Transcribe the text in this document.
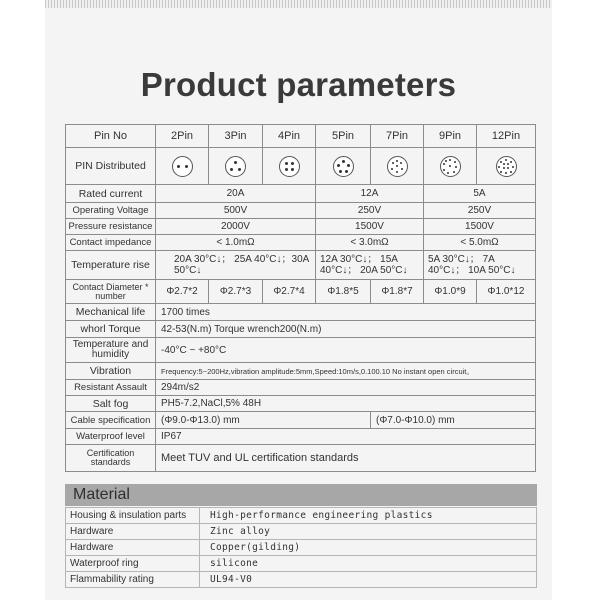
Product parameters
Pin No	2Pin	3Pin	4Pin	5Pin	7Pin	9Pin	12Pin
PIN Distributed	

Rated current	20A			12A		5A	
Operating Voltage	500V			250V		250V	
Pressure resistance	2000V			1500V		1500V	
Contact impedance	< 1.0mΩ			< 3.0mΩ		< 5.0mΩ	
Temperature rise	20A 30°C↓； 25A 40°C↓；30A 50°C↓			12A 30°C↓； 15A 40°C↓； 20A 50°C↓		5A 30°C↓； 7A 40°C↓； 10A 50°C↓	
Contact Diameter * number	Φ2.7*2	Φ2.7*3	Φ2.7*4	Φ1.8*5	Φ1.8*7	Φ1.0*9	Φ1.0*12
Mechanical life	1700 times						
whorl Torque	42-53(N.m) Torque wrench200(N.m)						
Temperature and humidity	-40°C ~ +80°C						
Vibration	Frequency:5~200Hz,vibration amplitude:5mm,Speed:10m/s,0.100.10 No instant open circuit。						
Resistant Assault	294m/s2						
Salt fog	PH5-7.2,NaCl,5% 48H						
Cable specification	(Φ9.0-Φ13.0) mm				(Φ7.0-Φ10.0) mm		
Waterproof level	IP67						
Certification standards	Meet TUV and UL certification standards						
Material
Housing & insulation parts	High-performance engineering plastics
Hardware	Zinc alloy
Hardware	Copper(gilding)
Waterproof ring	silicone
Flammability rating	UL94-V0
